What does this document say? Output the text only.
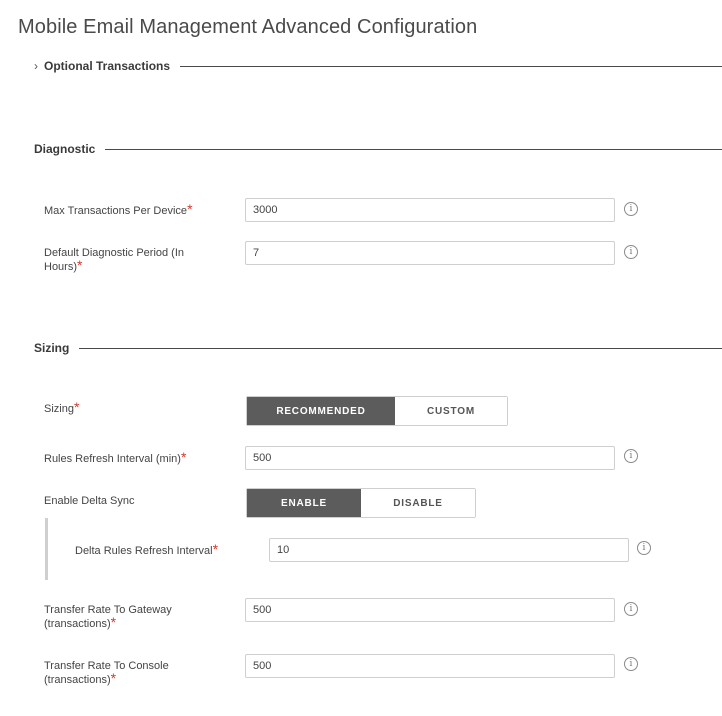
Mobile Email Management Advanced Configuration
› Optional Transactions
Diagnostic
Max Transactions Per Device*
3000	i
Default Diagnostic Period (In Hours)*
7
i
Sizing
Sizing*	RECOMMENDED	CUSTOM
Rules Refresh Interval (min)*
500	i
Enable Delta Sync	ENABLE	DISABLE
Delta Rules Refresh Interval*
10	i
Transfer Rate To Gateway (transactions)*
500
i
Transfer Rate To Console (transactions)*
500
i
